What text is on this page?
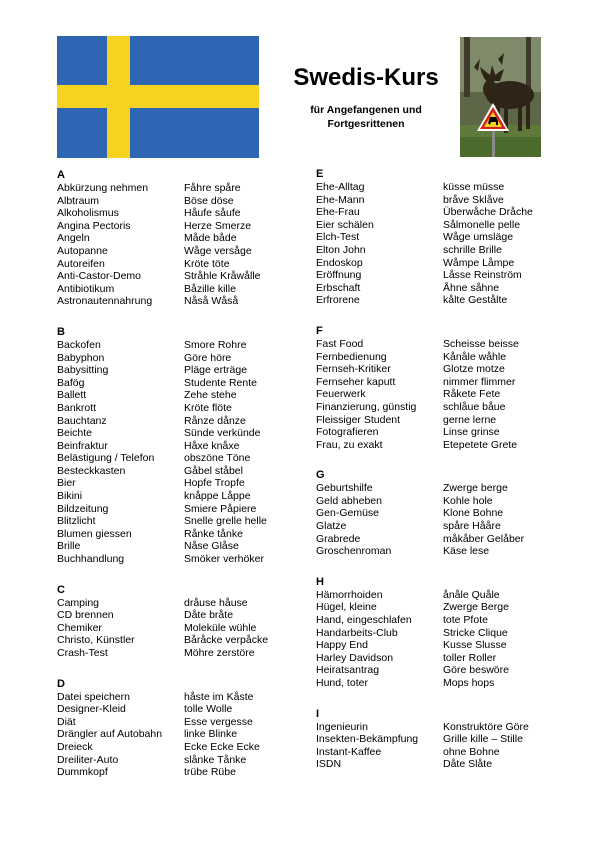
Swedis-Kurs
für Angefangenen und
Fortgesrittenen
A
Abkürzung nehmen	Fåhre spåre
Albtraum	Böse döse
Alkoholismus	Håufe såufe
Angina Pectoris	Herze Smerze
Angeln	Måde både
Autopanne	Wåge versåge
Autoreifen	Kröte töte
Anti-Castor-Demo	Stråhle Kråwålle
Antibiotikum	Båzille kille
Astronautennahrung	Nåså Wåså
B
Backofen	Smore Rohre
Babyphon	Göre höre
Babysitting	Pläge erträge
Bafög	Studente Rente
Ballett	Zehe stehe
Bankrott	Kröte flöte
Bauchtanz	Rånze dånze
Beichte	Sünde verkünde
Beinfraktur	Håxe knåxe
Belästigung / Telefon	obszöne Töne
Besteckkasten	Gåbel ståbel
Bier	Hopfe Tropfe
Bikini	knåppe Låppe
Bildzeitung	Smiere Påpiere
Blitzlicht	Snelle grelle helle
Blumen giessen	Rånke tånke
Brille	Nåse Glåse
Buchhandlung	Smöker verhöker
C
Camping	dråuse håuse
CD brennen	Dåte bråte
Chemiker	Moleküle wühle
Christo, Künstler	Båråcke verpåcke
Crash-Test	Möhre zerstöre
D
Datei speichern	håste im Kåste
Designer-Kleid	tolle Wolle
Diät	Esse vergesse
Drängler auf Autobahn	linke Blinke
Dreieck	Ecke Ecke Ecke
Dreiliter-Auto	slånke Tånke
Dummkopf	trübe Rübe
E
Ehe-Alltag	küsse müsse
Ehe-Mann	bråve Sklåve
Ehe-Frau	Überwåche Dråche
Eier schälen	Sålmonelle pelle
Elch-Test	Wåge umsläge
Elton John	schrille Brille
Endoskop	Wåmpe Låmpe
Eröffnung	Låsse Reinström
Erbschaft	Åhne såhne
Erfrorene	kålte Gestålte
F
Fast Food	Scheisse beisse
Fernbedienung	Kånåle wåhle
Fernseh-Kritiker	Glotze motze
Fernseher kaputt	nimmer flimmer
Feuerwerk	Råkete Fete
Finanzierung, günstig	schlåue båue
Fleissiger Student	gerne lerne
Fotografieren	Linse grinse
Frau, zu exakt	Etepetete Grete
G
Geburtshilfe	Zwerge berge
Geld abheben	Kohle hole
Gen-Gemüse	Klone Bohne
Glatze	spåre Hååre
Grabrede	måkåber Gelåber
Groschenroman	Käse lese
H
Hämorrhoiden	ånåle Quåle
Hügel, kleine	Zwerge Berge
Hand, eingeschlafen	tote Pfote
Handarbeits-Club	Stricke Clique
Happy End	Kusse Slusse
Harley Davidson	toller Roller
Heiratsantrag	Göre beswöre
Hund, toter	Mops hops
I
Ingenieurin	Konstruktöre Göre
Insekten-Bekämpfung	Grille kille – Stille
Instant-Kaffee	ohne Bohne
ISDN	Dåte Slåte
